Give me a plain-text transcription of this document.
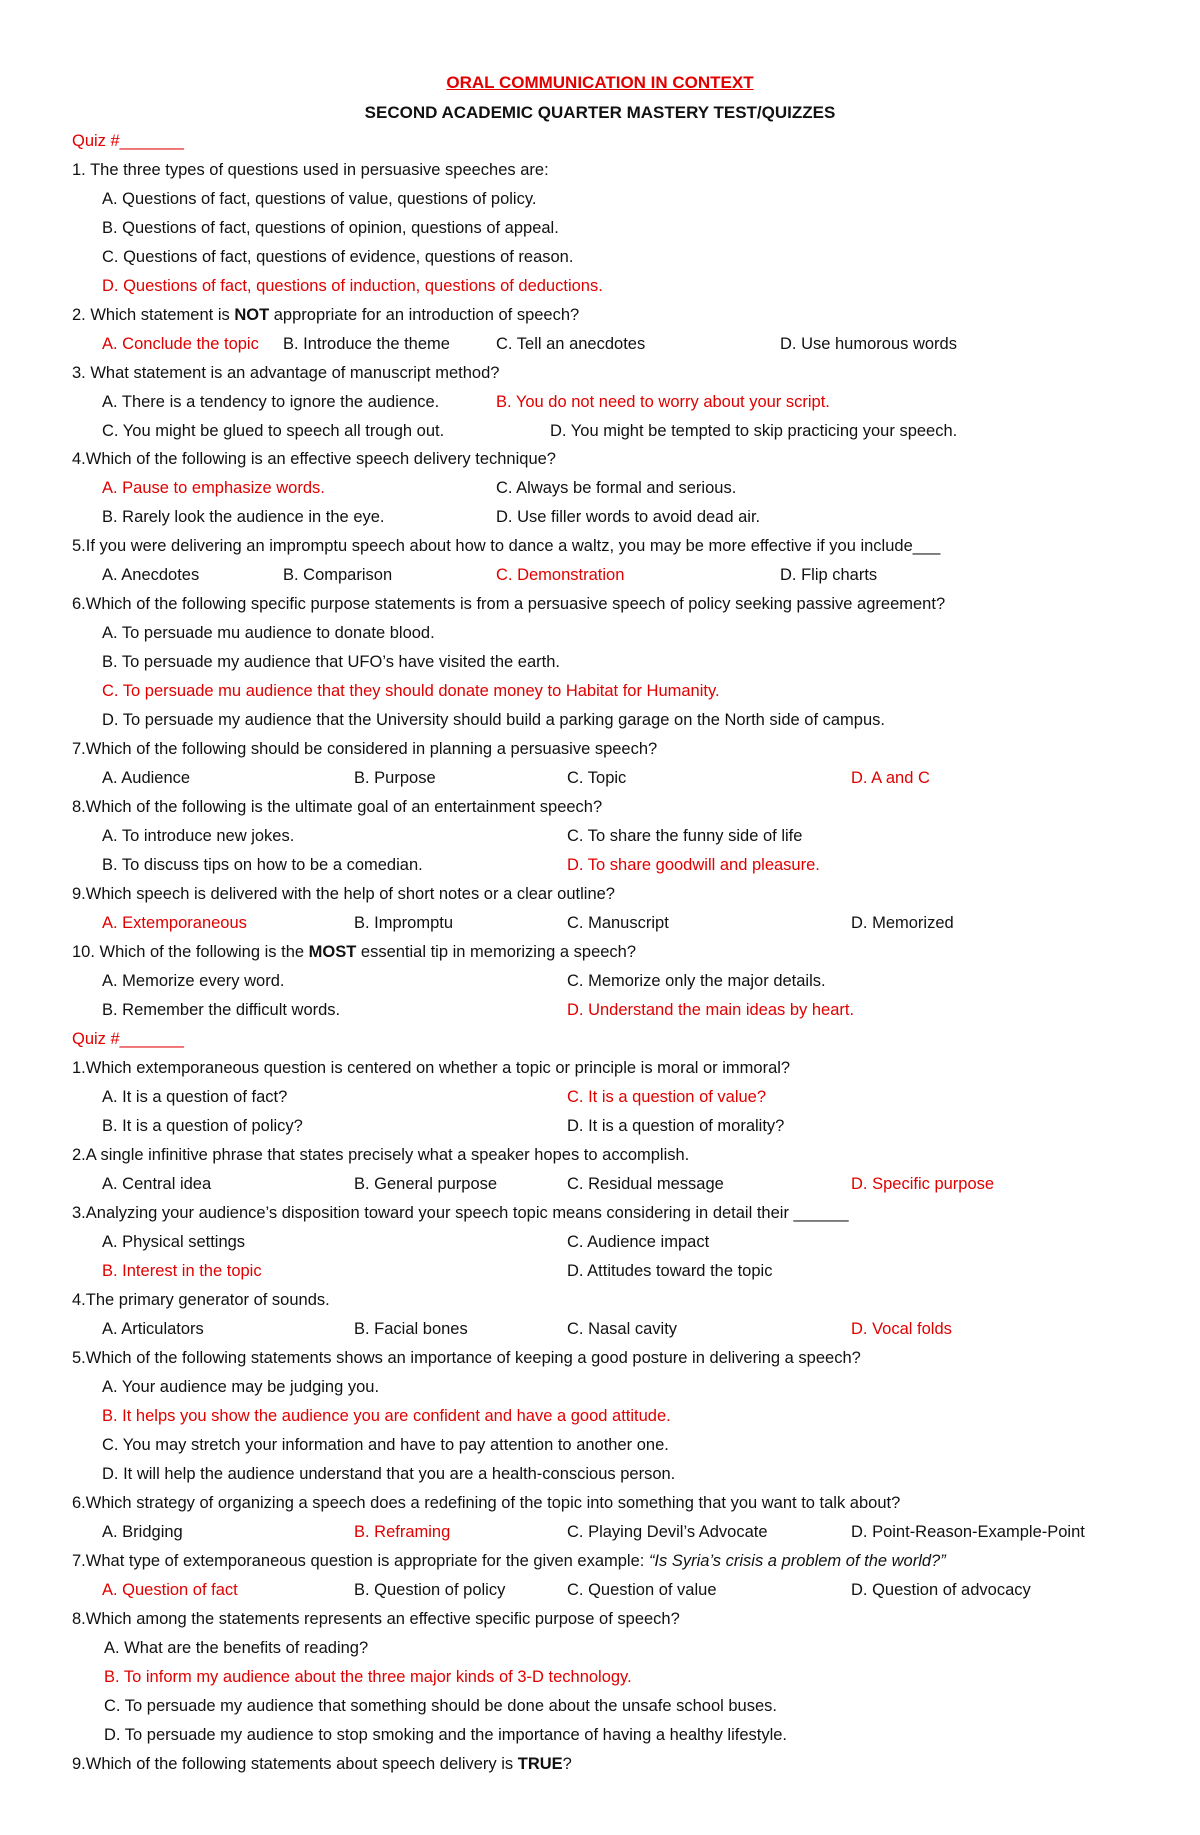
ORAL COMMUNICATION IN CONTEXT
SECOND ACADEMIC QUARTER MASTERY TEST/QUIZZES
Quiz #_______
1. The three types of questions used in persuasive speeches are:
A. Questions of fact, questions of value, questions of policy.
B. Questions of fact, questions of opinion, questions of appeal.
C. Questions of fact, questions of evidence, questions of reason.
D. Questions of fact, questions of induction, questions of deductions.
2. Which statement is NOT appropriate for an introduction of speech?
A. Conclude the topic B. Introduce the theme	C. Tell an anecdotes	D. Use humorous words
3. What statement is an advantage of manuscript method?
A. There is a tendency to ignore the audience.	B. You do not need to worry about your script.
C. You might be glued to speech all trough out.	D. You might be tempted to skip practicing your speech.
4.Which of the following is an effective speech delivery technique?
A. Pause to emphasize words.	C. Always be formal and serious.
B. Rarely look the audience in the eye.	D. Use filler words to avoid dead air.
5.If you were delivering an impromptu speech about how to dance a waltz, you may be more effective if you include___
A. Anecdotes	B. Comparison	C. Demonstration	D. Flip charts
6.Which of the following specific purpose statements is from a persuasive speech of policy seeking passive agreement?
A. To persuade mu audience to donate blood.
B. To persuade my audience that UFO’s have visited the earth.
C. To persuade mu audience that they should donate money to Habitat for Humanity.
D. To persuade my audience that the University should build a parking garage on the North side of campus.
7.Which of the following should be considered in planning a persuasive speech?
A. Audience	B. Purpose	C. Topic	D. A and C
8.Which of the following is the ultimate goal of an entertainment speech?
A. To introduce new jokes.	C. To share the funny side of life
B. To discuss tips on how to be a comedian.	D. To share goodwill and pleasure.
9.Which speech is delivered with the help of short notes or a clear outline?
A. Extemporaneous	B. Impromptu	C. Manuscript	D. Memorized
10. Which of the following is the MOST essential tip in memorizing a speech?
A. Memorize every word.	C. Memorize only the major details.
B. Remember the difficult words.	D. Understand the main ideas by heart.
Quiz #_______
1.Which extemporaneous question is centered on whether a topic or principle is moral or immoral?
A. It is a question of fact?	C. It is a question of value?
B. It is a question of policy?	D. It is a question of morality?
2.A single infinitive phrase that states precisely what a speaker hopes to accomplish.
A. Central idea	B. General purpose	C. Residual message	D. Specific purpose
3.Analyzing your audience’s disposition toward your speech topic means considering in detail their ______
A. Physical settings	C. Audience impact
B. Interest in the topic	D. Attitudes toward the topic
4.The primary generator of sounds.
A. Articulators	B. Facial bones	C. Nasal cavity	D. Vocal folds
5.Which of the following statements shows an importance of keeping a good posture in delivering a speech?
A. Your audience may be judging you.
B. It helps you show the audience you are confident and have a good attitude.
C. You may stretch your information and have to pay attention to another one.
D. It will help the audience understand that you are a health-conscious person.
6.Which strategy of organizing a speech does a redefining of the topic into something that you want to talk about?
A. Bridging	B. Reframing	C. Playing Devil’s Advocate	D. Point-Reason-Example-Point
7.What type of extemporaneous question is appropriate for the given example: “Is Syria’s crisis a problem of the world?”
A. Question of fact	B. Question of policy	C. Question of value	D. Question of advocacy
8.Which among the statements represents an effective specific purpose of speech?
A. What are the benefits of reading?
B. To inform my audience about the three major kinds of 3-D technology.
C. To persuade my audience that something should be done about the unsafe school buses.
D. To persuade my audience to stop smoking and the importance of having a healthy lifestyle.
9.Which of the following statements about speech delivery is TRUE?
